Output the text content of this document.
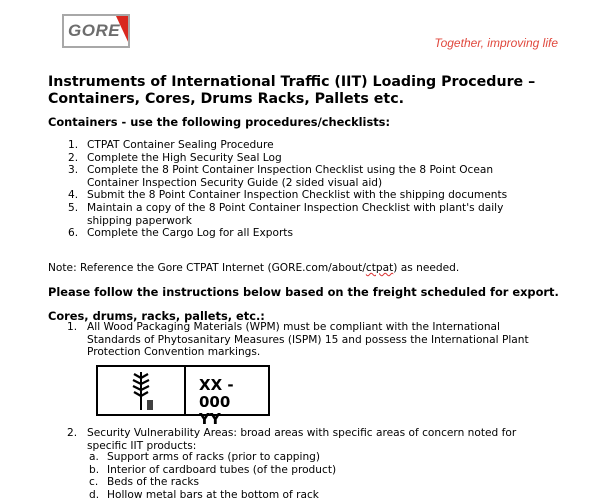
GORE
Together, improving life
Instruments of International Traffic (IIT) Loading Procedure –
Containers, Cores, Drums Racks, Pallets etc.
Containers - use the following procedures/checklists:
1. CTPAT Container Sealing Procedure
2. Complete the High Security Seal Log
3. Complete the 8 Point Container Inspection Checklist using the 8 Point Ocean
Container Inspection Security Guide (2 sided visual aid)
4. Submit the 8 Point Container Inspection Checklist with the shipping documents
5. Maintain a copy of the 8 Point Container Inspection Checklist with plant's daily
shipping paperwork
6. Complete the Cargo Log for all Exports
Note: Reference the Gore CTPAT Internet (GORE.com/about/ctpat) as needed.
Please follow the instructions below based on the freight scheduled for export.
Cores, drums, racks, pallets, etc.:
1. All Wood Packaging Materials (WPM) must be compliant with the International
Standards of Phytosanitary Measures (ISPM) 15 and possess the International Plant
Protection Convention markings.

XX - 000
YY
2. Security Vulnerability Areas: broad areas with specific areas of concern noted for
specific IIT products:

a. Support arms of racks (prior to capping)
b. Interior of cardboard tubes (of the product)
c. Beds of the racks
d. Hollow metal bars at the bottom of rack
